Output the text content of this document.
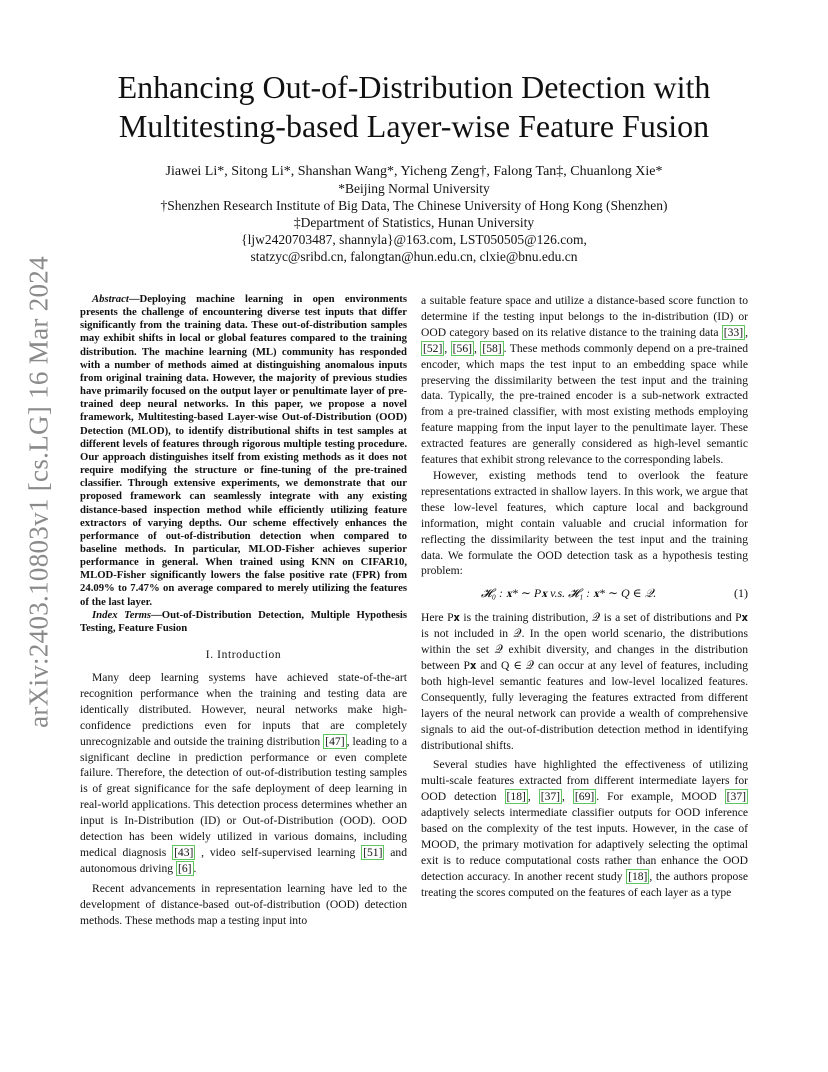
arXiv:2403.10803v1 [cs.LG] 16 Mar 2024
Enhancing Out-of-Distribution Detection with
Multitesting-based Layer-wise Feature Fusion
Jiawei Li*, Sitong Li*, Shanshan Wang*, Yicheng Zeng†, Falong Tan‡, Chuanlong Xie*
*Beijing Normal University
†Shenzhen Research Institute of Big Data, The Chinese University of Hong Kong (Shenzhen)
‡Department of Statistics, Hunan University
{ljw2420703487, shannyla}@163.com, LST050505@126.com,
statzyc@sribd.cn, falongtan@hun.edu.cn, clxie@bnu.edu.cn

Abstract—Deploying machine learning in open environments presents the challenge of encountering diverse test inputs that differ significantly from the training data. These out-of-distribution samples may exhibit shifts in local or global features compared to the training distribution. The machine learning (ML) community has responded with a number of methods aimed at distinguishing anomalous inputs from original training data. However, the majority of previous studies have primarily focused on the output layer or penultimate layer of pre-trained deep neural networks. In this paper, we propose a novel framework, Multitesting-based Layer-wise Out-of-Distribution (OOD) Detection (MLOD), to identify distributional shifts in test samples at different levels of features through rigorous multiple testing procedure. Our approach distinguishes itself from existing methods as it does not require modifying the structure or fine-tuning of the pre-trained classifier. Through extensive experiments, we demonstrate that our proposed framework can seamlessly integrate with any existing distance-based inspection method while efficiently utilizing feature extractors of varying depths. Our scheme effectively enhances the performance of out-of-distribution detection when compared to baseline methods. In particular, MLOD-Fisher achieves superior performance in general. When trained using KNN on CIFAR10, MLOD-Fisher significantly lowers the false positive rate (FPR) from 24.09% to 7.47% on average compared to merely utilizing the features of the last layer.

Index Terms—Out-of-Distribution Detection, Multiple Hypothesis Testing, Feature Fusion

I. Introduction

Many deep learning systems have achieved state-of-the-art recognition performance when the training and testing data are identically distributed. However, neural networks make high-confidence predictions even for inputs that are completely unrecognizable and outside the training distribution [47] , leading to a significant decline in prediction performance or even complete failure. Therefore, the detection of out-of-distribution testing samples is of great significance for the safe deployment of deep learning in real-world applications. This detection process determines whether an input is In-Distribution (ID) or Out-of-Distribution (OOD). OOD detection has been widely utilized in various domains, including medical diagnosis [43] , video self-supervised learning [51] and autonomous driving [6] .

Recent advancements in representation learning have led to the development of distance-based out-of-distribution (OOD) detection methods. These methods map a testing input into

a suitable feature space and utilize a distance-based score function to determine if the testing input belongs to the in-distribution (ID) or OOD category based on its relative distance to the training data [33] , [52] , [56] , [58] . These methods commonly depend on a pre-trained encoder, which maps the test input to an embedding space while preserving the dissimilarity between the test input and the training data. Typically, the pre-trained encoder is a sub-network extracted from a pre-trained classifier, with most existing methods employing feature mapping from the input layer to the penultimate layer. These extracted features are generally considered as high-level semantic features that exhibit strong relevance to the corresponding labels.

However, existing methods tend to overlook the feature representations extracted in shallow layers. In this work, we argue that these low-level features, which capture local and background information, might contain valuable and crucial information for reflecting the dissimilarity between the test input and the training data. We formulate the OOD detection task as a hypothesis testing problem:

𝓗₀ : 𝐱* ∼ P𝐱 v.s. 𝓗₁ : 𝐱* ∼ Q ∈ 𝒬.	(1)

Here P𝐱 is the training distribution, 𝒬 is a set of distributions and P𝐱 is not included in 𝒬. In the open world scenario, the distributions within the set 𝒬 exhibit diversity, and changes in the distribution between P𝐱 and Q ∈ 𝒬 can occur at any level of features, including both high-level semantic features and low-level localized features. Consequently, fully leveraging the features extracted from different layers of the neural network can provide a wealth of comprehensive signals to aid the out-of-distribution detection method in identifying distributional shifts.

Several studies have highlighted the effectiveness of utilizing multi-scale features extracted from different intermediate layers for OOD detection [18] , [37] , [69] . For example, MOOD [37] adaptively selects intermediate classifier outputs for OOD inference based on the complexity of the test inputs. However, in the case of MOOD, the primary motivation for adaptively selecting the optimal exit is to reduce computational costs rather than enhance the OOD detection accuracy. In another recent study [18] , the authors propose treating the scores computed on the features of each layer as a type
